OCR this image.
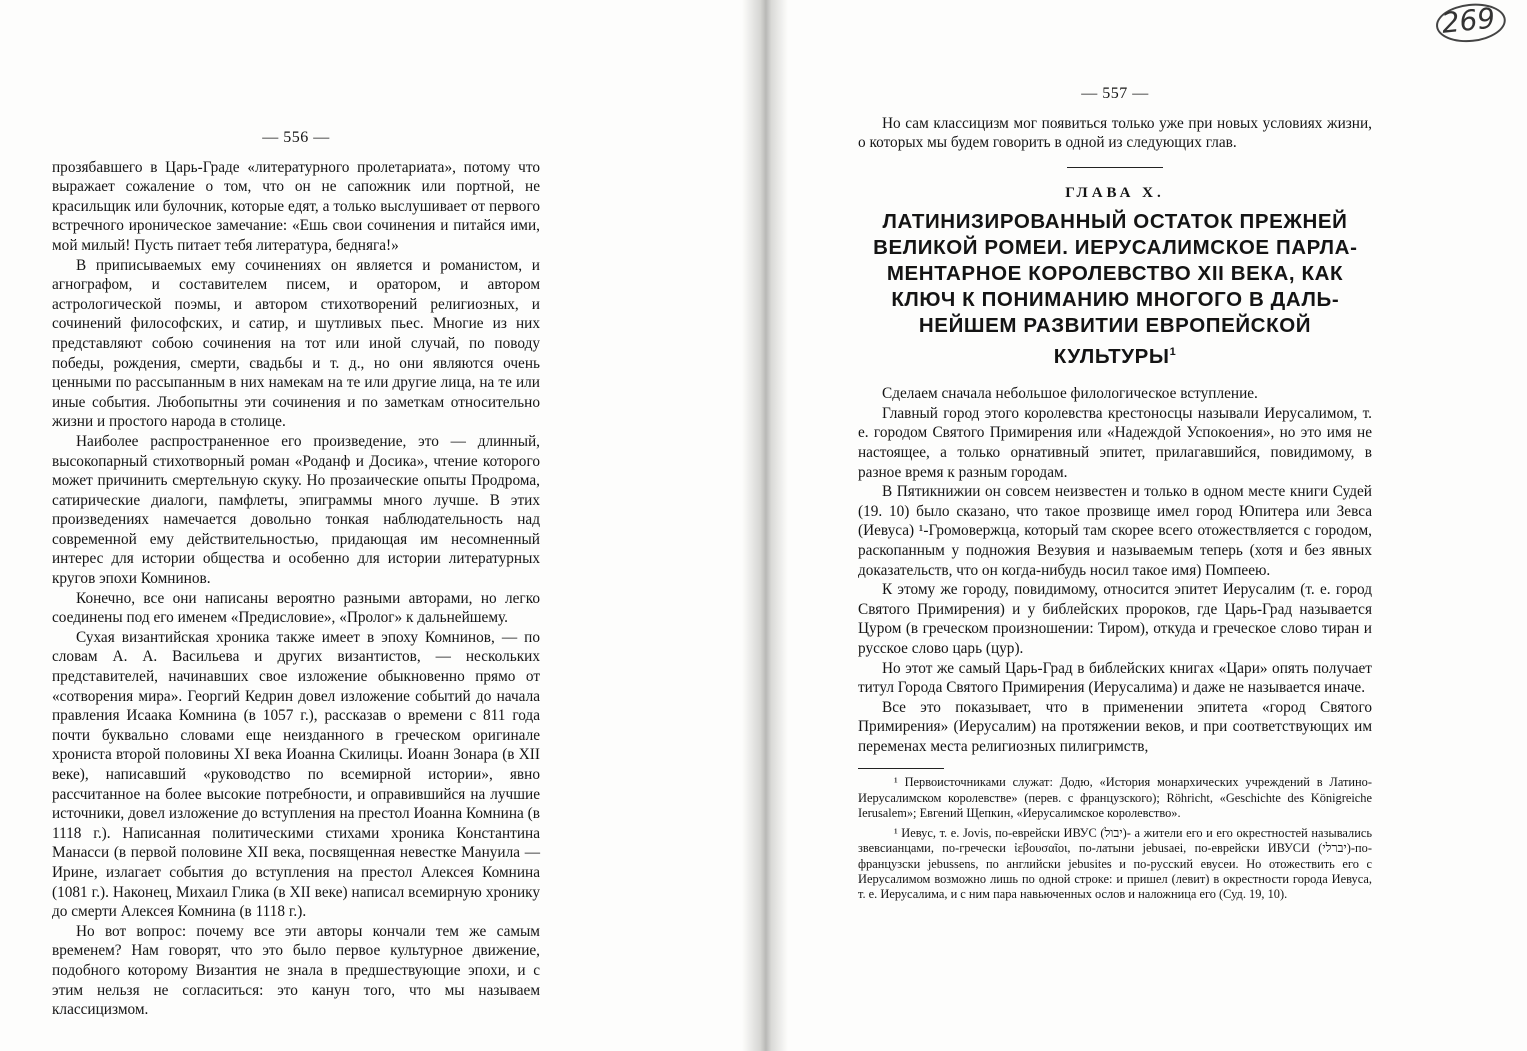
269
— 556 —

прозябавшего в Царь-Граде «литературного пролетариата», потому что выражает сожаление о том, что он не сапожник или портной, не красильщик или булочник, которые едят, а только выслушивает от первого встречного ироническое замечание: «Ешь свои сочинения и питайся ими, мой милый! Пусть питает тебя литература, бедняга!»

В приписываемых ему сочинениях он является и романистом, и агнографом, и составителем писем, и оратором, и автором астрологической поэмы, и автором стихотворений религиозных, и сочинений философских, и сатир, и шутливых пьес. Многие из них представляют собою сочинения на тот или иной случай, по поводу победы, рождения, смерти, свадьбы и т. д., но они являются очень ценными по рассыпанным в них намекам на те или другие лица, на те или иные события. Любопытны эти сочинения и по заметкам относительно жизни и простого народа в столице.

Наиболее распространенное его произведение, это — длинный, высокопарный стихотворный роман «Роданф и Досика», чтение которого может причинить смертельную скуку. Но прозаические опыты Продрома, сатирические диалоги, памфлеты, эпиграммы много лучше. В этих произведениях намечается довольно тонкая наблюдательность над современной ему действительностью, придающая им несомненный интерес для истории общества и особенно для истории литературных кругов эпохи Комнинов.

Конечно, все они написаны вероятно разными авторами, но легко соединены под его именем «Предисловие», «Пролог» к дальнейшему.

Сухая византийская хроника также имеет в эпоху Комнинов, — по словам А. А. Васильева и других византистов, — нескольких представителей, начинавших свое изложение обыкновенно прямо от «сотворения мира». Георгий Кедрин довел изложение событий до начала правления Исаака Комнина (в 1057 г.), рассказав о времени с 811 года почти буквально словами еще неизданного в греческом оригинале хрониста второй половины XI века Иоанна Скилицы. Иоанн Зонара (в XII веке), написавший «руководство по всемирной истории», явно рассчитанное на более высокие потребности, и оправившийся на лучшие источники, довел изложение до вступления на престол Иоанна Комнина (в 1118 г.). Написанная политическими стихами хроника Константина Манасси (в первой половине XII века, посвященная невестке Мануила — Ирине, излагает события до вступления на престол Алексея Комнина (1081 г.). Наконец, Михаил Глика (в XII веке) написал всемирную хронику до смерти Алексея Комнина (в 1118 г.).

Но вот вопрос: почему все эти авторы кончали тем же самым временем? Нам говорят, что это было первое культурное движение, подобного которому Византия не знала в предшествующие эпохи, и с этим нельзя не согласиться: это канун того, что мы называем классицизмом.

— 557 —

Но сам классицизм мог появиться только уже при новых условиях жизни, о которых мы будем говорить в одной из следующих глав.

ГЛАВА X.
ЛАТИНИЗИРОВАННЫЙ ОСТАТОК ПРЕЖНЕЙ ВЕЛИКОЙ РОМЕИ. ИЕРУСАЛИМСКОЕ ПАРЛАМЕНТАРНОЕ КОРОЛЕВСТВО XII ВЕКА, КАК КЛЮЧ К ПОНИМАНИЮ МНОГОГО В ДАЛЬНЕЙШЕМ РАЗВИТИИ ЕВРОПЕЙСКОЙ КУЛЬТУРЫ$^1$

Сделаем сначала небольшое филологическое вступление.

Главный город этого королевства крестоносцы называли Иерусалимом, т. е. городом Святого Примирения или «Надеждой Успокоения», но это имя не настоящее, а только орнативный эпитет, прилагавшийся, повидимому, в разное время к разным городам.

В Пятикнижии он совсем неизвестен и только в одном месте книги Судей (19. 10) было сказано, что такое прозвище имел город Юпитера или Зевса (Иевуса) ¹-Громовержца, который там скорее всего отожествляется с городом, раскопанным у подножия Везувия и называемым теперь (хотя и без явных доказательств, что он когда-нибудь носил такое имя) Помпеею.

К этому же городу, повидимому, относится эпитет Иерусалим (т. е. город Святого Примирения) и у библейских пророков, где Царь-Град называется Цуром (в греческом произношении: Тиром), откуда и греческое слово тиран и русское слово царь (цур).

Но этот же самый Царь-Град в библейских книгах «Цари» опять получает титул Города Святого Примирения (Иерусалима) и даже не называется иначе.

Все это показывает, что в применении эпитета «город Святого Примирения» (Иерусалим) на протяжении веков, и при соответствующих им переменах места религиозных пилигримств,

¹ Первоисточниками служат: Додю, «История монархических учреждений в Латино-Иерусалимском королевстве» (перев. с французского); Röhricht, «Geschichte des Königreiche Ierusalem»; Евгений Щепкин, «Иерусалимское королевство».

¹ Иевус, т. е. Jovis, по-еврейски ИВУС (יבול)- а жители его и его окрестностей назывались звевсианцами, по-гречески ἰεβουσαῖοι, по-латыни jebusaei, по-еврейски ИВУСИ (יברלי)-по-французски jebussens, по английски jebusites и по-русский евусеи. Но отожествить его с Иерусалимом возможно лишь по одной строке: и пришел (левит) в окрестности города Иевуса, т. е. Иерусалима, и с ним пара навьюченных ослов и наложница его (Суд. 19, 10).
